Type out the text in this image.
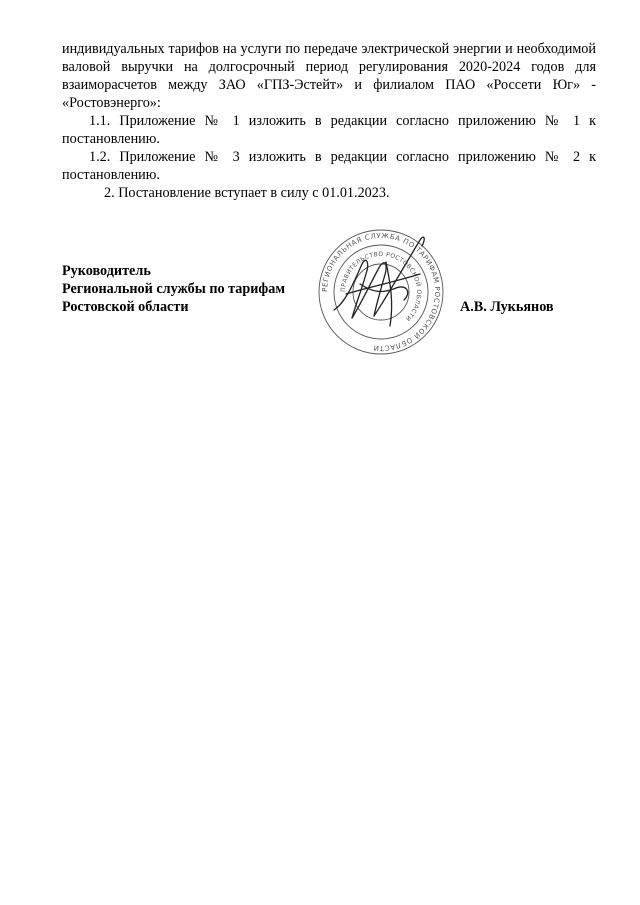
индивидуальных тарифов на услуги по передаче электрической энергии и необходимой валовой выручки на долгосрочный период регулирования 2020-2024 годов для взаиморасчетов между ЗАО «ГПЗ-Эстейт» и филиалом ПАО «Россети Юг» - «Ростовэнерго»:

1.1. Приложение № 1 изложить в редакции согласно приложению № 1 к постановлению.

1.2. Приложение № 3 изложить в редакции согласно приложению № 2 к постановлению.

2. Постановление вступает в силу с 01.01.2023.

Руководитель
Региональной службы по тарифам
Ростовской области	А.В. Лукьянов
РЕГИОНАЛЬНАЯ СЛУЖБА ПО ТАРИФАМ РОСТОВСКОЙ ОБЛАСТИ
ПРАВИТЕЛЬСТВО РОСТОВСКОЙ ОБЛАСТИ
